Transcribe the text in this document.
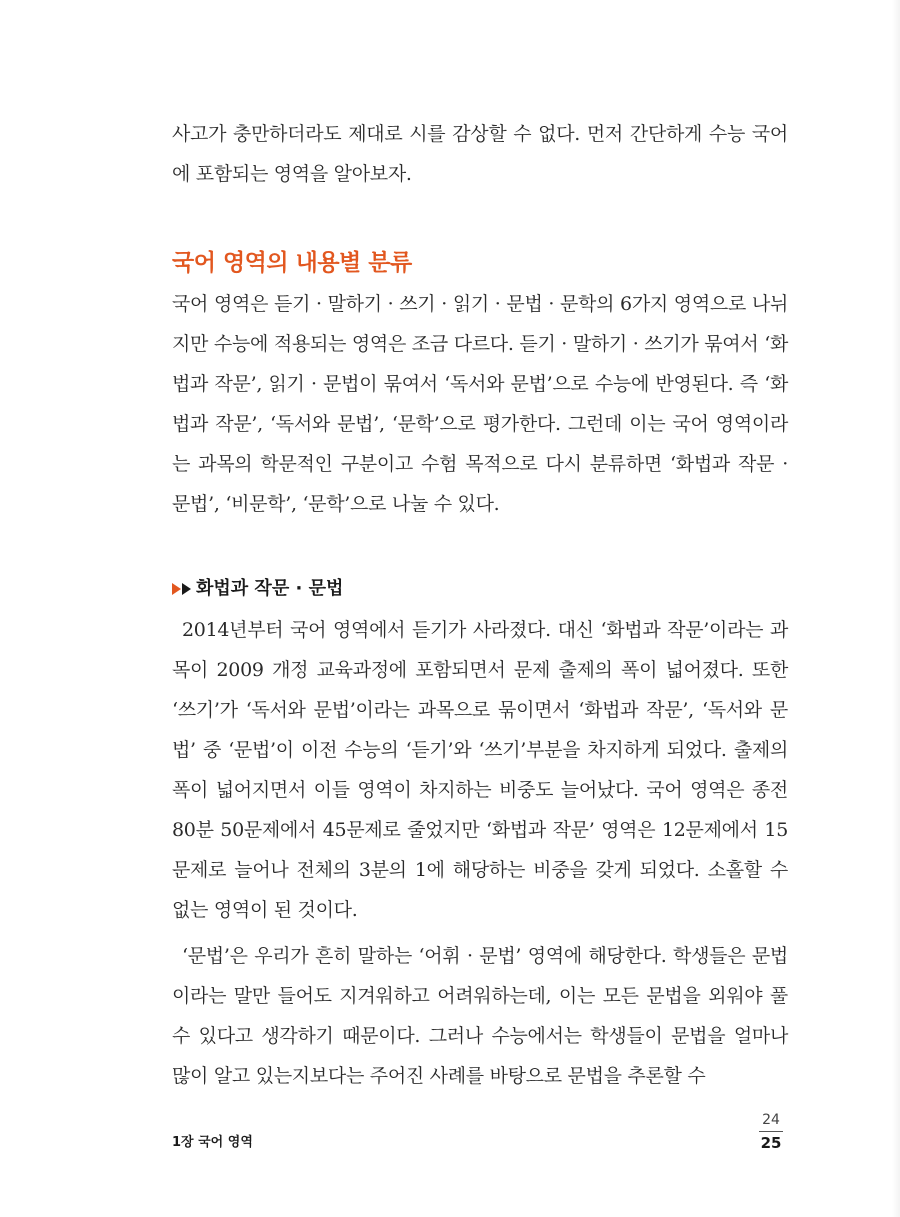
사고가 충만하더라도 제대로 시를 감상할 수 없다. 먼저 간단하게 수능 국어에 포함되는 영역을 알아보자.

국어 영역의 내용별 분류

국어 영역은 듣기 · 말하기 · 쓰기 · 읽기 · 문법 · 문학의 6가지 영역으로 나뉘지만 수능에 적용되는 영역은 조금 다르다. 듣기 · 말하기 · 쓰기가 묶여서 ‘화법과 작문’, 읽기 · 문법이 묶여서 ‘독서와 문법’으로 수능에 반영된다. 즉 ‘화법과 작문’, ‘독서와 문법’, ‘문학’으로 평가한다. 그런데 이는 국어 영역이라는 과목의 학문적인 구분이고 수험 목적으로 다시 분류하면 ‘화법과 작문 · 문법’, ‘비문학’, ‘문학’으로 나눌 수 있다.

화법과 작문 · 문법

2014년부터 국어 영역에서 듣기가 사라졌다. 대신 ‘화법과 작문’이라는 과목이 2009 개정 교육과정에 포함되면서 문제 출제의 폭이 넓어졌다. 또한 ‘쓰기’가 ‘독서와 문법’이라는 과목으로 묶이면서 ‘화법과 작문’, ‘독서와 문법’ 중 ‘문법’이 이전 수능의 ‘듣기’와 ‘쓰기’부분을 차지하게 되었다. 출제의 폭이 넓어지면서 이들 영역이 차지하는 비중도 늘어났다. 국어 영역은 종전 80분 50문제에서 45문제로 줄었지만 ‘화법과 작문’ 영역은 12문제에서 15문제로 늘어나 전체의 3분의 1에 해당하는 비중을 갖게 되었다. 소홀할 수 없는 영역이 된 것이다.

‘문법’은 우리가 흔히 말하는 ‘어휘 · 문법’ 영역에 해당한다. 학생들은 문법이라는 말만 들어도 지겨워하고 어려워하는데, 이는 모든 문법을 외워야 풀 수 있다고 생각하기 때문이다. 그러나 수능에서는 학생들이 문법을 얼마나 많이 알고 있는지보다는 주어진 사례를 바탕으로 문법을 추론할 수

1장 국어 영역
24
25
